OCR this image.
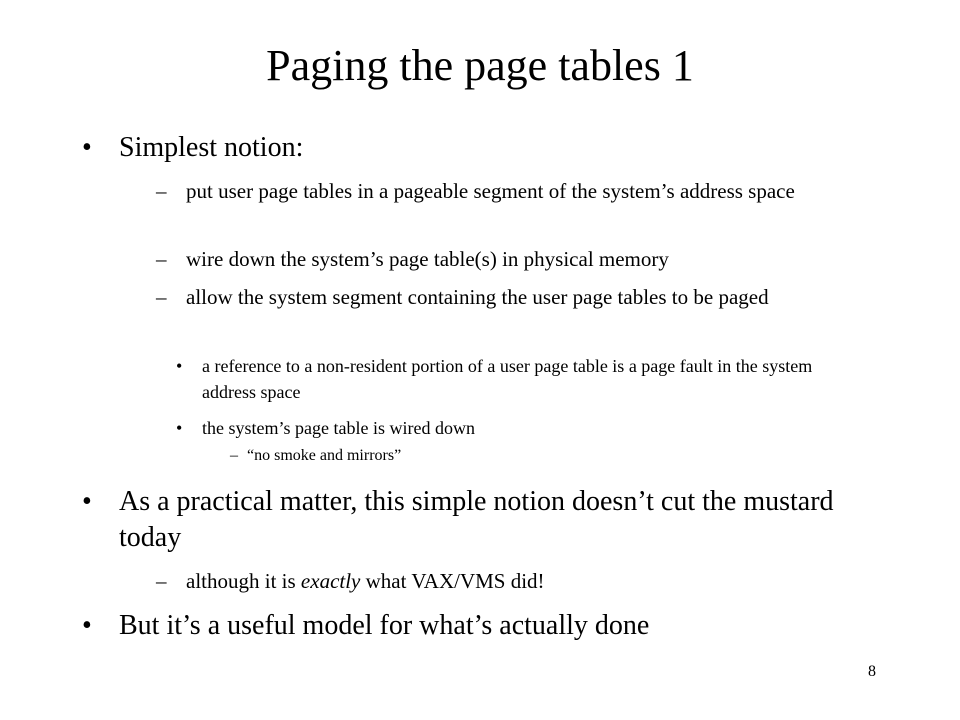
Paging the page tables 1
• Simplest notion:
– put user page tables in a pageable segment of the system’s address space
– wire down the system’s page table(s) in physical memory
– allow the system segment containing the user page tables to be paged
•	a reference to a non-resident portion of a user page table is a page fault in the system address space
•	the system’s page table is wired down
– “no smoke and mirrors”
• As a practical matter, this simple notion doesn’t cut the mustard today
– although it is exactly what VAX/VMS did!
• But it’s a useful model for what’s actually done
8
